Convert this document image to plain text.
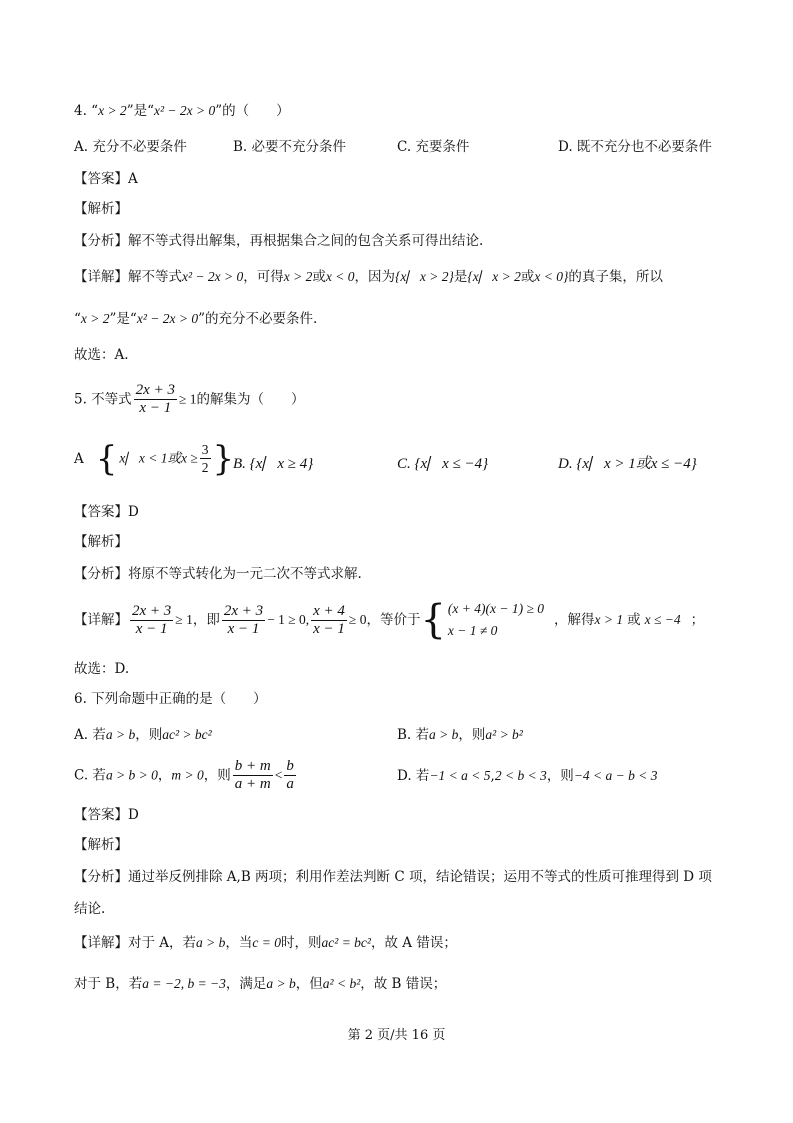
4. “x > 2”是“x² − 2x > 0”的（　　）
A. 充分不必要条件	B. 必要不充分条件	C. 充要条件	D. 既不充分也不必要条件
【答案】A
【解析】
【分析】解不等式得出解集，再根据集合之间的包含关系可得出结论.
【详解】解不等式x² − 2x > 0，可得x > 2或x < 0，因为{x⎸x > 2}是{x⎸x > 2或x < 0}的真子集，所以
“x > 2”是“x² − 2x > 0”的充分不必要条件.
故选：A.
5. 不等式 $\frac{2x + 3}{x - 1} \ge 1$的解集为（　　）
A { x⎸x < 1或$x \ge \frac{3}{2}$ }
B. {x⎸x ≥ 4}	C. {x⎸x ≤ −4}	D. {x⎸x > 1或x ≤ −4}
【答案】D
【解析】
【分析】将原不等式转化为一元二次不等式求解.
【详解】 $\frac{2x + 3}{x - 1} \ge 1$，即 $\frac{2x + 3}{x - 1} - 1 \ge 0$, $\frac{x + 4}{x - 1} \ge 0$，等价于{ (x + 4)(x − 1) ≥ 0
x − 1 ≠ 0
，解得x > 1 或 x ≤ −4 ；
故选：D.
6. 下列命题中正确的是（　　）
A. 若a > b，则ac² > bc²	B. 若a > b，则a² > b²
C. 若a > b > 0，m > 0，则 $\frac{b + m}{a + m} < \frac{b}{a}$	D. 若−1 < a < 5,2 < b < 3，则−4 < a − b < 3
【答案】D
【解析】
【分析】通过举反例排除 A,B 两项；利用作差法判断 C 项，结论错误；运用不等式的性质可推理得到 D 项
结论.
【详解】对于 A，若a > b，当c = 0时，则ac² = bc²，故 A 错误；
对于 B，若a = −2, b = −3，满足a > b，但a² < b²，故 B 错误；
第 2 页/共 16 页
